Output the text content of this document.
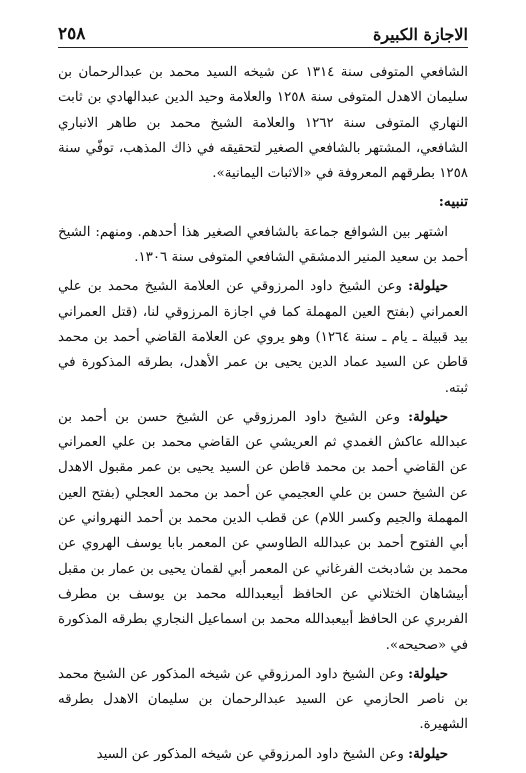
الاجازة الكبيرة
٢٥٨

الشافعي المتوفى سنة ١٣١٤ عن شيخه السيد محمد بن عبدالرحمان بن سليمان الاهدل المتوفى سنة ١٢٥٨ والعلامة وحيد الدين عبدالهادي بن ثابت النهاري المتوفى سنة ١٢٦٢ والعلامة الشيخ محمد بن طاهر الانباري الشافعي، المشتهر بالشافعي الصغير لتحقيقه في ذاك المذهب، توفّي سنة ١٢٥٨ بطرقهم المعروفة في «الاثبات اليمانية».

تنبيه:

اشتهر بين الشوافع جماعة بالشافعي الصغير هذا أحدهم. ومنهم: الشيخ أحمد بن سعيد المنير الدمشقي الشافعي المتوفى سنة ١٣٠٦.

حيلولة: وعن الشيخ داود المرزوقي عن العلامة الشيخ محمد بن علي العمراني (بفتح العين المهملة كما في اجازة المرزوقي لنا، (قتل العمراني بيد قبيلة ـ يام ـ سنة ١٢٦٤) وهو يروي عن العلامة القاضي أحمد بن محمد قاطن عن السيد عماد الدين يحيى بن عمر الأهدل، بطرقه المذكورة في ثبته.

حيلولة: وعن الشيخ داود المرزوقي عن الشيخ حسن بن أحمد بن عبدالله عاكش الغمدي ثم العريشي عن القاضي محمد بن علي العمراني عن القاضي أحمد بن محمد قاطن عن السيد يحيى بن عمر مقبول الاهدل عن الشيخ حسن بن علي العجيمي عن أحمد بن محمد العجلي (بفتح العين المهملة والجيم وكسر اللام) عن قطب الدين محمد بن أحمد النهرواني عن أبي الفتوح أحمد بن عبدالله الطاوسي عن المعمر بابا يوسف الهروي عن محمد بن شادبخت الفرغاني عن المعمر أبي لقمان يحيى بن عمار بن مقبل أبيشاهان الختلاني عن الحافظ أبيعبدالله محمد بن يوسف بن مطرف الفربري عن الحافظ أبيعبدالله محمد بن اسماعيل النجاري بطرقه المذكورة في «صحيحه».

حيلولة: وعن الشيخ داود المرزوقي عن شيخه المذكور عن الشيخ محمد بن ناصر الحازمي عن السيد عبدالرحمان بن سليمان الاهدل بطرقه الشهيرة.

حيلولة: وعن الشيخ داود المرزوقي عن شيخه المذكور عن السيد
